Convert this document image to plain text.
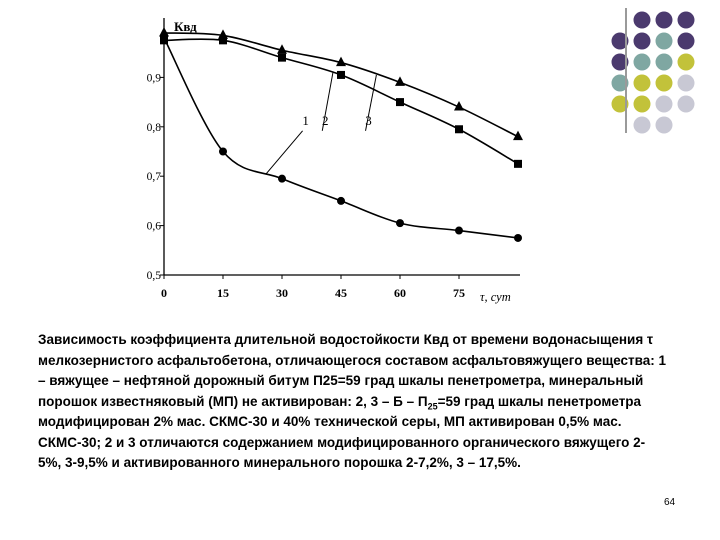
0	15	30	45	60	75
0,5
0,6
0,7
0,8
0,9
1 2	3
Квд
τ, сут

Зависимость коэффициента длительной водостойкости Квд от времени водонасыщения τ мелкозернистого асфальтобетона, отличающегося составом асфальтовяжущего вещества: 1 – вяжущее – нефтяной дорожный битум П25=59 град шкалы пенетрометра, минеральный порошок известняковый (МП) не активирован: 2, $3 - Б - П_{25}=59$ град шкалы пенетрометра модифицирован 2% мас. СКМС-30 и 40% технической серы, МП активирован 0,5% мас. СКМС-30; 2 и 3 отличаются содержанием модифицированного органического вяжущего 2-5%, 3-9,5% и активированного минерального порошка 2-7,2%, 3 – 17,5%.

64
